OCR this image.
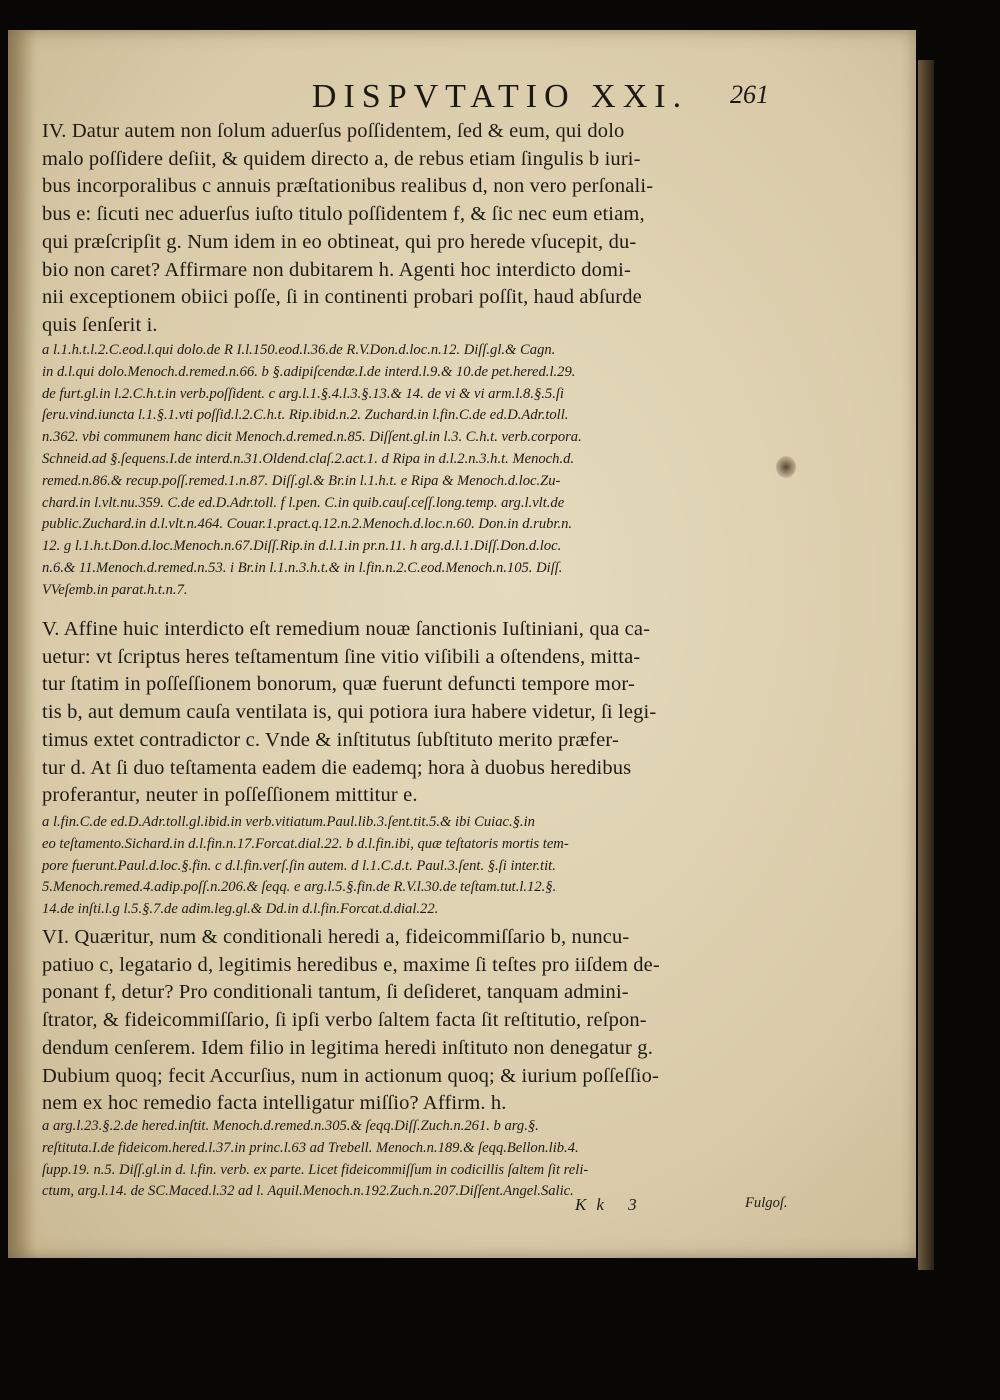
DISPVTATIO XXI.	261

IV. Datur autem non ſolum aduerſus poſſidentem, ſed & eum, qui dolo

malo poſſidere deſiit, & quidem directo a, de rebus etiam ſingulis b iuri-

bus incorporalibus c annuis præſtationibus realibus d, non vero perſonali-

bus e: ſicuti nec aduerſus iuſto titulo poſſidentem f, & ſic nec eum etiam,

qui præſcripſit g. Num idem in eo obtineat, qui pro herede vſucepit, du-

bio non caret? Affirmare non dubitarem h. Agenti hoc interdicto domi-

nii exceptionem obiici poſſe, ſi in continenti probari poſſit, haud abſurde

quis ſenſerit i.

a l.1.h.t.l.2.C.eod.l.qui dolo.de R I.l.150.eod.l.36.de R.V.Don.d.loc.n.12. Diſſ.gl.& Cagn.

in d.l.qui dolo.Menoch.d.remed.n.66. b §.adipiſcendæ.I.de interd.l.9.& 10.de pet.hered.l.29.

de furt.gl.in l.2.C.h.t.in verb.poſſident. c arg.l.1.§.4.l.3.§.13.& 14. de vi & vi arm.l.8.§.5.ſi

ſeru.vind.iuncta l.1.§.1.vti poſſid.l.2.C.h.t. Rip.ibid.n.2. Zuchard.in l.fin.C.de ed.D.Adr.toll.

n.362. vbi communem hanc dicit Menoch.d.remed.n.85. Diſſent.gl.in l.3. C.h.t. verb.corpora.

Schneid.ad §.ſequens.I.de interd.n.31.Oldend.claſ.2.act.1. d Ripa in d.l.2.n.3.h.t. Menoch.d.

remed.n.86.& recup.poſſ.remed.1.n.87. Diſſ.gl.& Br.in l.1.h.t. e Ripa & Menoch.d.loc.Zu-

chard.in l.vlt.nu.359. C.de ed.D.Adr.toll. f l.pen. C.in quib.cauſ.ceſſ.long.temp. arg.l.vlt.de

public.Zuchard.in d.l.vlt.n.464. Couar.1.pract.q.12.n.2.Menoch.d.loc.n.60. Don.in d.rubr.n.

12. g l.1.h.t.Don.d.loc.Menoch.n.67.Diſſ.Rip.in d.l.1.in pr.n.11. h arg.d.l.1.Diſſ.Don.d.loc.

n.6.& 11.Menoch.d.remed.n.53. i Br.in l.1.n.3.h.t.& in l.fin.n.2.C.eod.Menoch.n.105. Diſſ.

VVeſemb.in parat.h.t.n.7.

V. Affine huic interdicto eſt remedium nouæ ſanctionis Iuſtiniani, qua ca-

uetur: vt ſcriptus heres teſtamentum ſine vitio viſibili a oſtendens, mitta-

tur ſtatim in poſſeſſionem bonorum, quæ fuerunt defuncti tempore mor-

tis b, aut demum cauſa ventilata is, qui potiora iura habere videtur, ſi legi-

timus extet contradictor c. Vnde & inſtitutus ſubſtituto merito præfer-

tur d. At ſi duo teſtamenta eadem die eademq; hora à duobus heredibus

proferantur, neuter in poſſeſſionem mittitur e.

a l.fin.C.de ed.D.Adr.toll.gl.ibid.in verb.vitiatum.Paul.lib.3.ſent.tit.5.& ibi Cuiac.§.in

eo teſtamento.Sichard.in d.l.fin.n.17.Forcat.dial.22. b d.l.fin.ibi, quæ teſtatoris mortis tem-

pore fuerunt.Paul.d.loc.§.fin. c d.l.fin.verſ.ſin autem. d l.1.C.d.t. Paul.3.ſent. §.ſi inter.tit.

5.Menoch.remed.4.adip.poſſ.n.206.& ſeqq. e arg.l.5.§.fin.de R.V.l.30.de teſtam.tut.l.12.§.

14.de inſti.l.g l.5.§.7.de adim.leg.gl.& Dd.in d.l.fin.Forcat.d.dial.22.

VI. Quæritur, num & conditionali heredi a, fideicommiſſario b, nuncu-

patiuo c, legatario d, legitimis heredibus e, maxime ſi teſtes pro iiſdem de-

ponant f, detur? Pro conditionali tantum, ſi deſideret, tanquam admini-

ſtrator, & fideicommiſſario, ſi ipſi verbo ſaltem facta ſit reſtitutio, reſpon-

dendum cenſerem. Idem filio in legitima heredi inſtituto non denegatur g.

Dubium quoq; fecit Accurſius, num in actionum quoq; & iurium poſſeſſio-

nem ex hoc remedio facta intelligatur miſſio? Affirm. h.

a arg.l.23.§.2.de hered.inſtit. Menoch.d.remed.n.305.& ſeqq.Diſſ.Zuch.n.261. b arg.§.

reſtituta.I.de fideicom.hered.l.37.in princ.l.63 ad Trebell. Menoch.n.189.& ſeqq.Bellon.lib.4.

ſupp.19. n.5. Diſſ.gl.in d. l.fin. verb. ex parte. Licet fideicommiſſum in codicillis ſaltem ſit reli-

ctum, arg.l.14. de SC.Maced.l.32 ad l. Aquil.Menoch.n.192.Zuch.n.207.Diſſent.Angel.Salic.

Kk 3	Fulgoſ.
